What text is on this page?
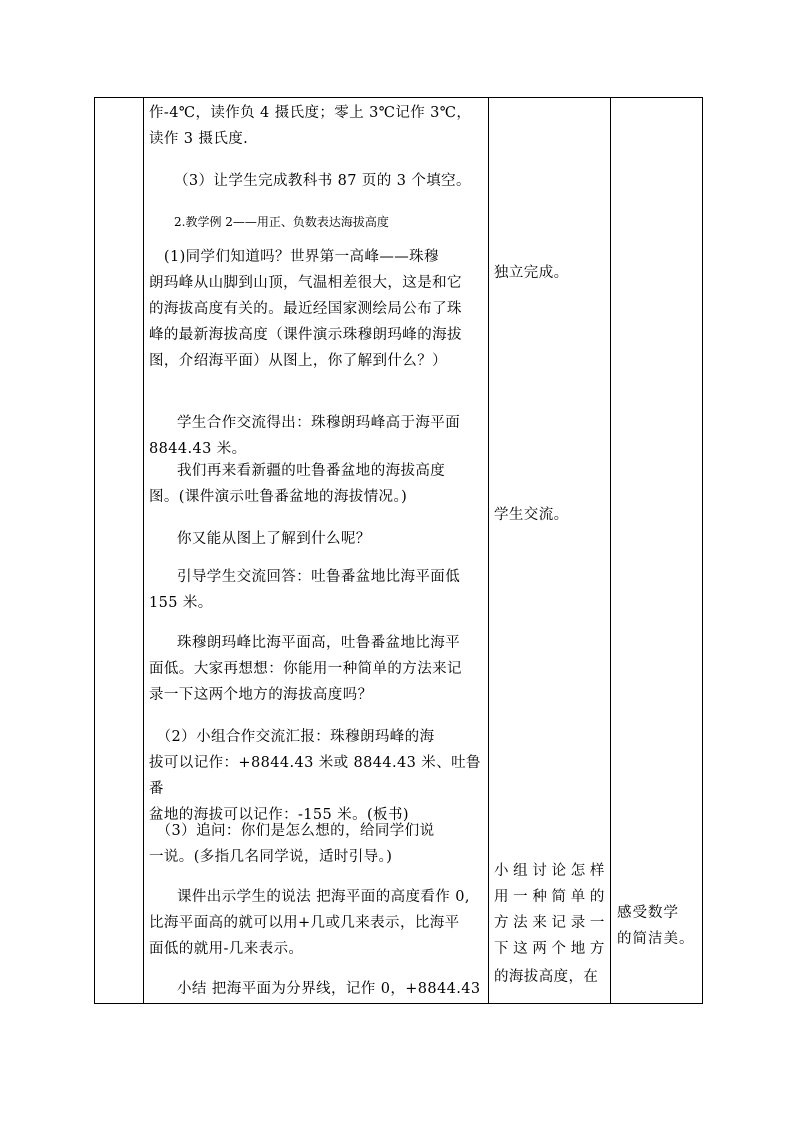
作-4℃，读作负 4 摄氏度；零上 3℃记作 3℃，
读作 3 摄氏度.
（3）让学生完成教科书 87 页的 3 个填空。
2.教学例 2——用正、负数表达海拔高度
　(1)同学们知道吗？世界第一高峰——珠穆
朗玛峰从山脚到山顶，气温相差很大，这是和它
的海拔高度有关的。最近经国家测绘局公布了珠
峰的最新海拔高度（课件演示珠穆朗玛峰的海拔
图，介绍海平面）从图上，你了解到什么？）
学生合作交流得出：珠穆朗玛峰高于海平面
8844.43 米。
我们再来看新疆的吐鲁番盆地的海拔高度
图。(课件演示吐鲁番盆地的海拔情况。)
你又能从图上了解到什么呢？
引导学生交流回答：吐鲁番盆地比海平面低
155 米。
珠穆朗玛峰比海平面高，吐鲁番盆地比海平
面低。大家再想想：你能用一种简单的方法来记
录一下这两个地方的海拔高度吗？
　（2）小组合作交流汇报：珠穆朗玛峰的海
拔可以记作：+8844.43 米或 8844.43 米、吐鲁番
盆地的海拔可以记作：-155 米。(板书)
　（3）追问：你们是怎么想的，给同学们说
一说。(多指几名同学说，适时引导。)
课件出示学生的说法 把海平面的高度看作 0,
比海平面高的就可以用+几或几来表示，比海平
面低的就用-几来表示。
小结 把海平面为分界线，记作 0，+8844.43

独立完成。
学生交流。
小组讨论怎样
用一种简单的
方法来记录一
下这两个地方
的海拔高度，在

感受数学
的简洁美。
